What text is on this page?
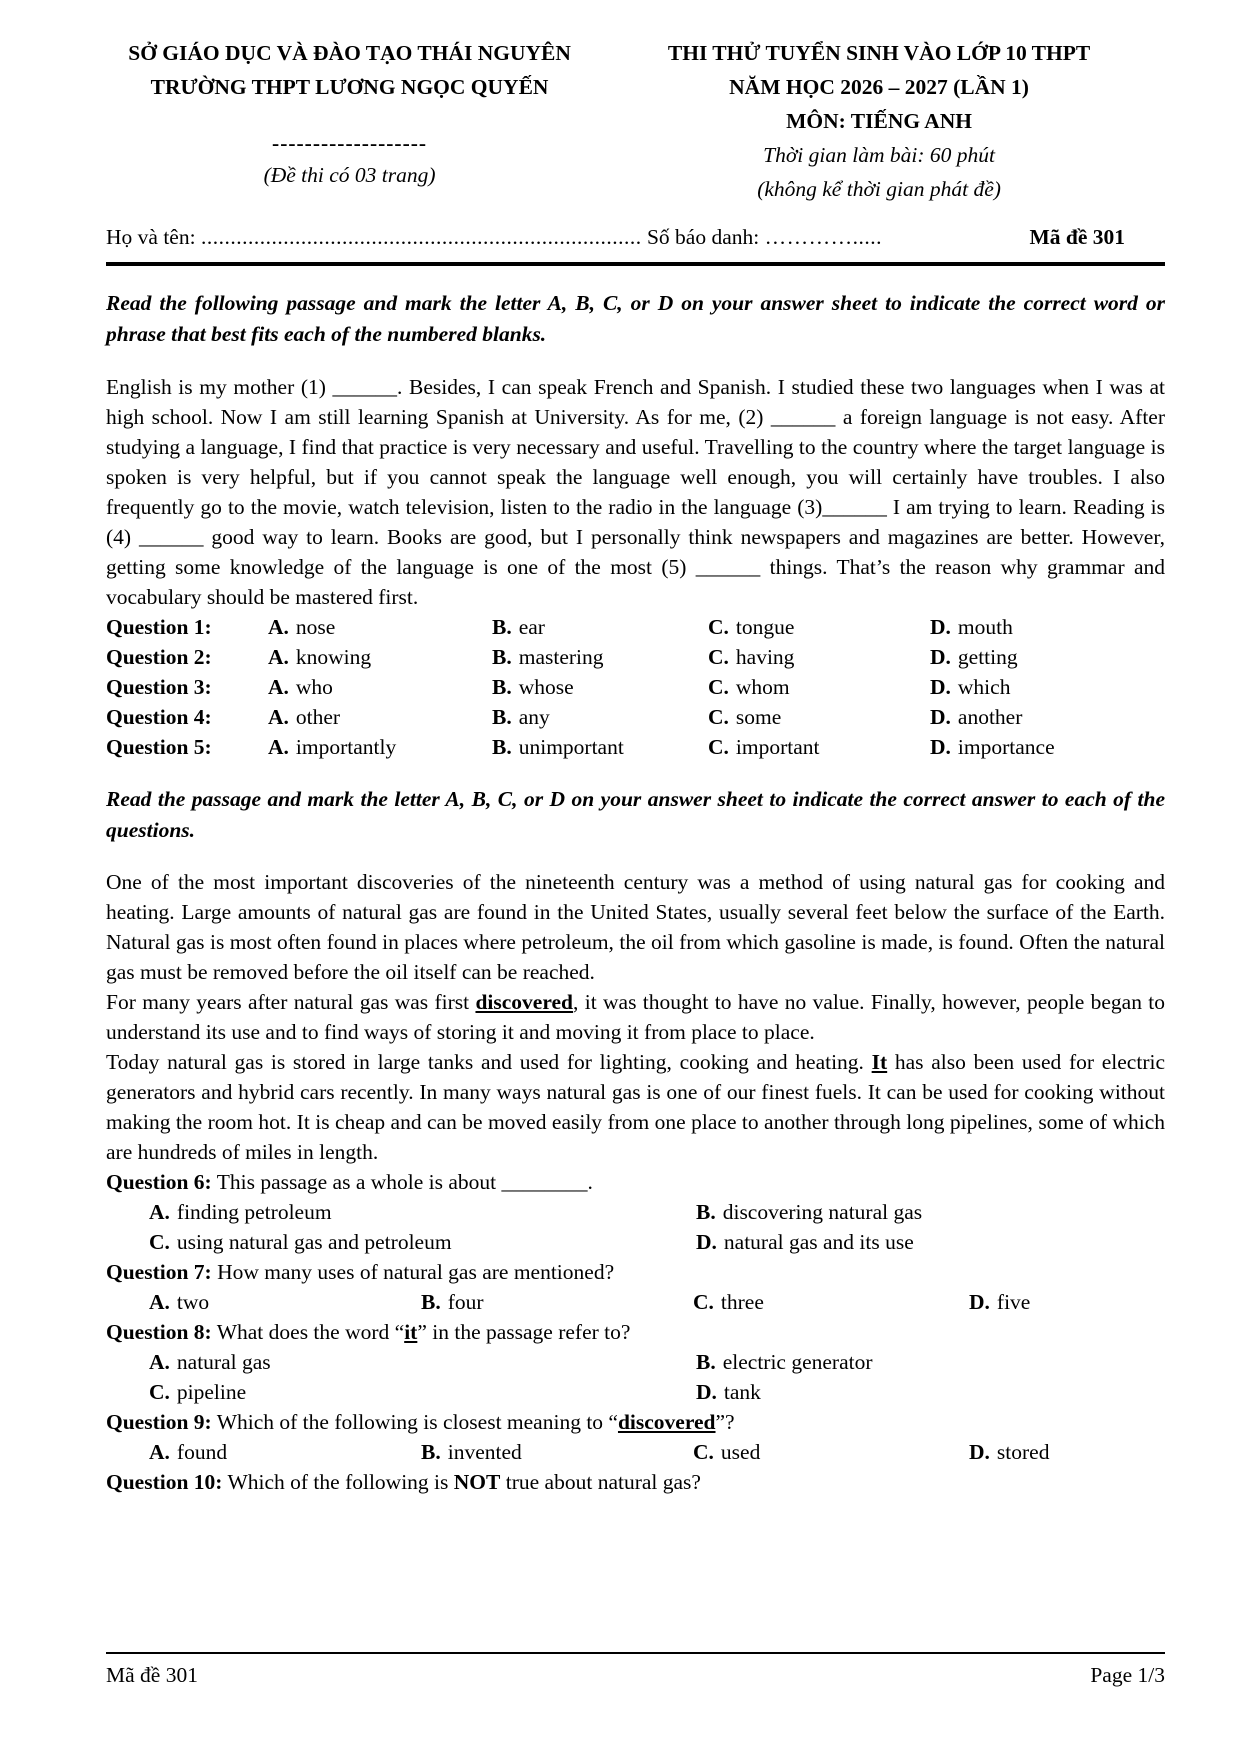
SỞ GIÁO DỤC VÀ ĐÀO TẠO THÁI NGUYÊN
TRƯỜNG THPT LƯƠNG NGỌC QUYẾN
-------------------
(Đề thi có 03 trang)
THI THỬ TUYỂN SINH VÀO LỚP 10 THPT
NĂM HỌC 2026 – 2027 (LẦN 1)
MÔN: TIẾNG ANH
Thời gian làm bài: 60 phút
(không kể thời gian phát đề)
Họ và tên:
...........................................................................
Số báo danh:
………….....	Mã đề 301

Read the following passage and mark the letter A, B, C, or D on your answer sheet to indicate the correct word or phrase that best fits each of the numbered blanks.

English is my mother (1) ______. Besides, I can speak French and Spanish. I studied these two languages when I was at high school. Now I am still learning Spanish at University. As for me, (2) ______ a foreign language is not easy. After studying a language, I find that practice is very necessary and useful. Travelling to the country where the target language is spoken is very helpful, but if you cannot speak the language well enough, you will certainly have troubles. I also frequently go to the movie, watch television, listen to the radio in the language (3)______ I am trying to learn. Reading is (4) ______ good way to learn. Books are good, but I personally think newspapers and magazines are better. However, getting some knowledge of the language is one of the most (5) ______ things. That’s the reason why grammar and vocabulary should be mastered first.

Question 1:	A. nose	B. ear	C. tongue	D. mouth
Question 2:	A. knowing	B. mastering	C. having	D. getting
Question 3:	A. who	B. whose	C. whom	D. which
Question 4:	A. other	B. any	C. some	D. another
Question 5:	A. importantly	B. unimportant	C. important	D. importance

Read the passage and mark the letter A, B, C, or D on your answer sheet to indicate the correct answer to each of the questions.

One of the most important discoveries of the nineteenth century was a method of using natural gas for cooking and heating. Large amounts of natural gas are found in the United States, usually several feet below the surface of the Earth. Natural gas is most often found in places where petroleum, the oil from which gasoline is made, is found. Often the natural gas must be removed before the oil itself can be reached.

For many years after natural gas was first discovered, it was thought to have no value. Finally, however, people began to understand its use and to find ways of storing it and moving it from place to place.

Today natural gas is stored in large tanks and used for lighting, cooking and heating. It has also been used for electric generators and hybrid cars recently. In many ways natural gas is one of our finest fuels. It can be used for cooking without making the room hot. It is cheap and can be moved easily from one place to another through long pipelines, some of which are hundreds of miles in length.

Question 6: This passage as a whole is about ________.

A. finding petroleum	B. discovering natural gas
C. using natural gas and petroleum	D. natural gas and its use

Question 7: How many uses of natural gas are mentioned?

A. two	B. four	C. three	D. five

Question 8: What does the word “it” in the passage refer to?

A. natural gas	B. electric generator
C. pipeline	D. tank

Question 9: Which of the following is closest meaning to “discovered”?

A. found	B. invented	C. used	D. stored

Question 10: Which of the following is NOT true about natural gas?

Mã đề 301	Page 1/3
